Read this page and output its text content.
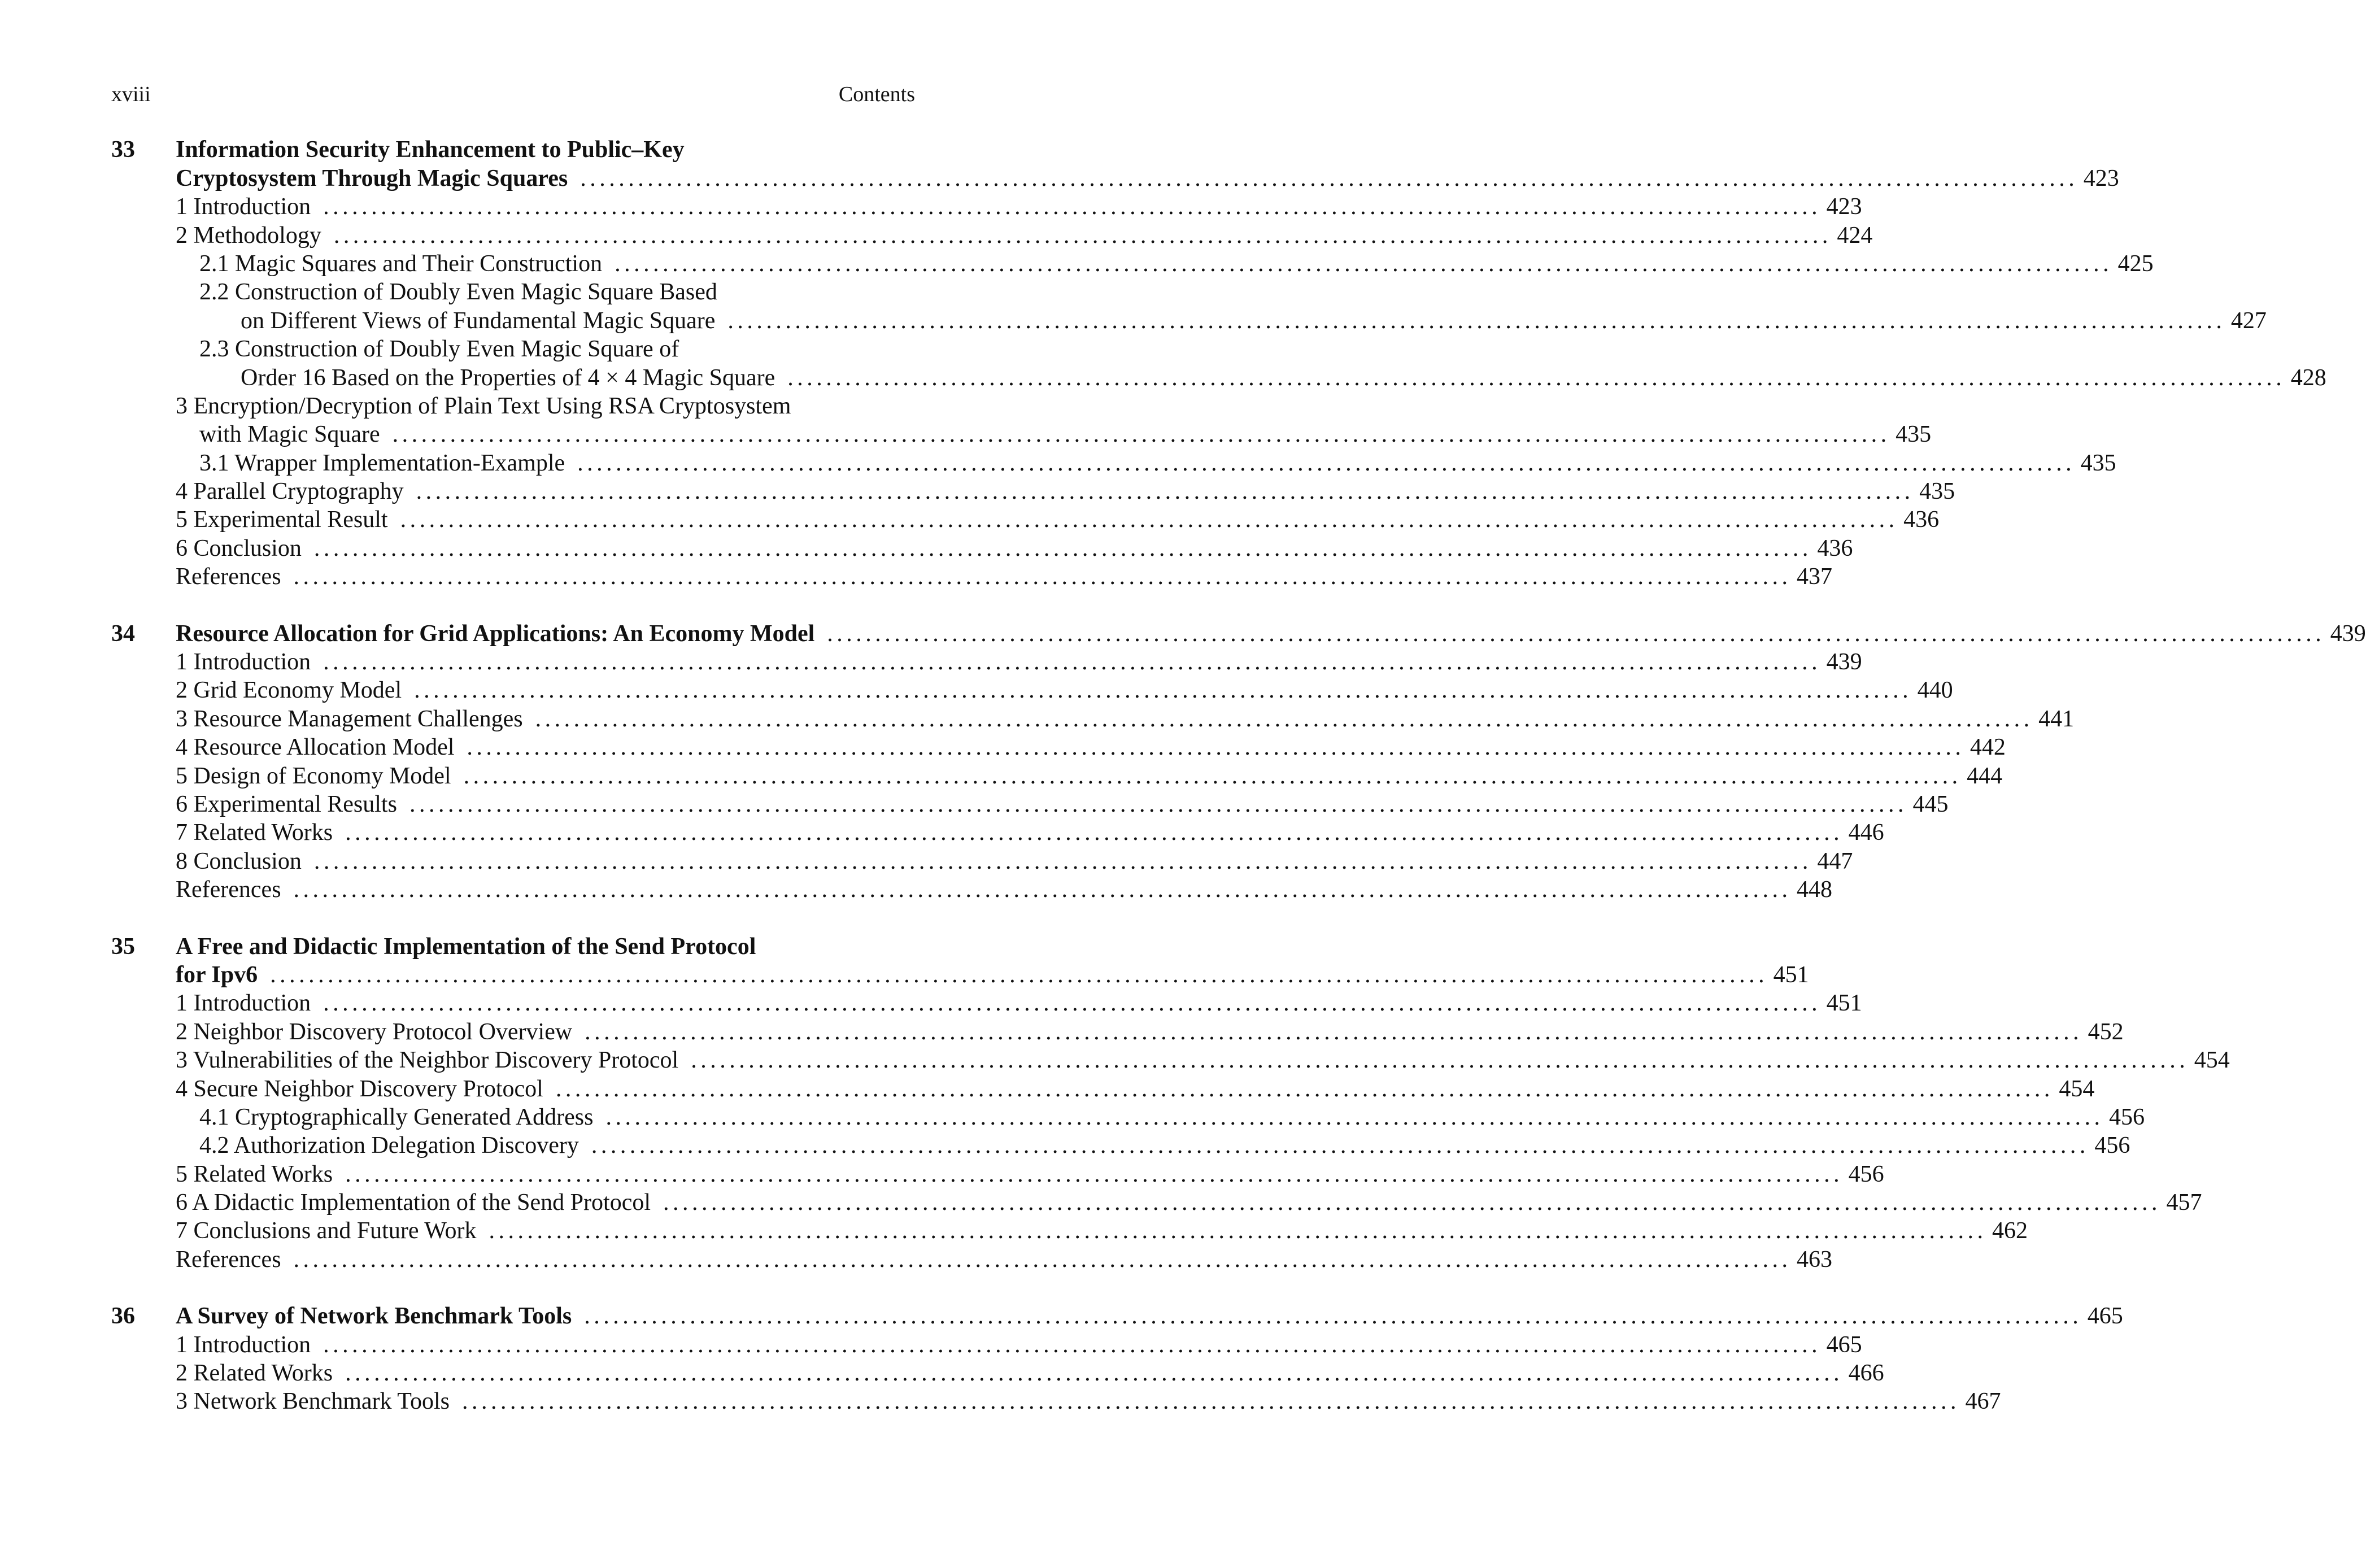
xviii	Contents
33	Information Security Enhancement to Public–Key
Cryptosystem Through Magic Squares . . .	423
1 Introduction . . .	423
2 Methodology . . .	424
2.1 Magic Squares and Their Construction . . .	425
2.2 Construction of Doubly Even Magic Square Based
on Different Views of Fundamental Magic Square . . .	427
2.3 Construction of Doubly Even Magic Square of
Order 16 Based on the Properties of 4 × 4 Magic Square . . .	428
3 Encryption/Decryption of Plain Text Using RSA Cryptosystem
with Magic Square . . .	435
3.1 Wrapper Implementation-Example . . .	435
4 Parallel Cryptography . . .	435
5 Experimental Result . . .	436
6 Conclusion . . .	436
References . . .	437
34	Resource Allocation for Grid Applications: An Economy Model . . .	439
1 Introduction . . .	439
2 Grid Economy Model . . .	440
3 Resource Management Challenges . . .	441
4 Resource Allocation Model . . .	442
5 Design of Economy Model . . .	444
6 Experimental Results . . .	445
7 Related Works . . .	446
8 Conclusion . . .	447
References . . .	448
35	A Free and Didactic Implementation of the Send Protocol
for Ipv6 . . .	451
1 Introduction . . .	451
2 Neighbor Discovery Protocol Overview . . .	452
3 Vulnerabilities of the Neighbor Discovery Protocol . . .	454
4 Secure Neighbor Discovery Protocol . . .	454
4.1 Cryptographically Generated Address . . .	456
4.2 Authorization Delegation Discovery . . .	456
5 Related Works . . .	456
6 A Didactic Implementation of the Send Protocol . . .	457
7 Conclusions and Future Work . . .	462
References . . .	463
36	A Survey of Network Benchmark Tools . . .	465
1 Introduction . . .	465
2 Related Works . . .	466
3 Network Benchmark Tools . . .	467
